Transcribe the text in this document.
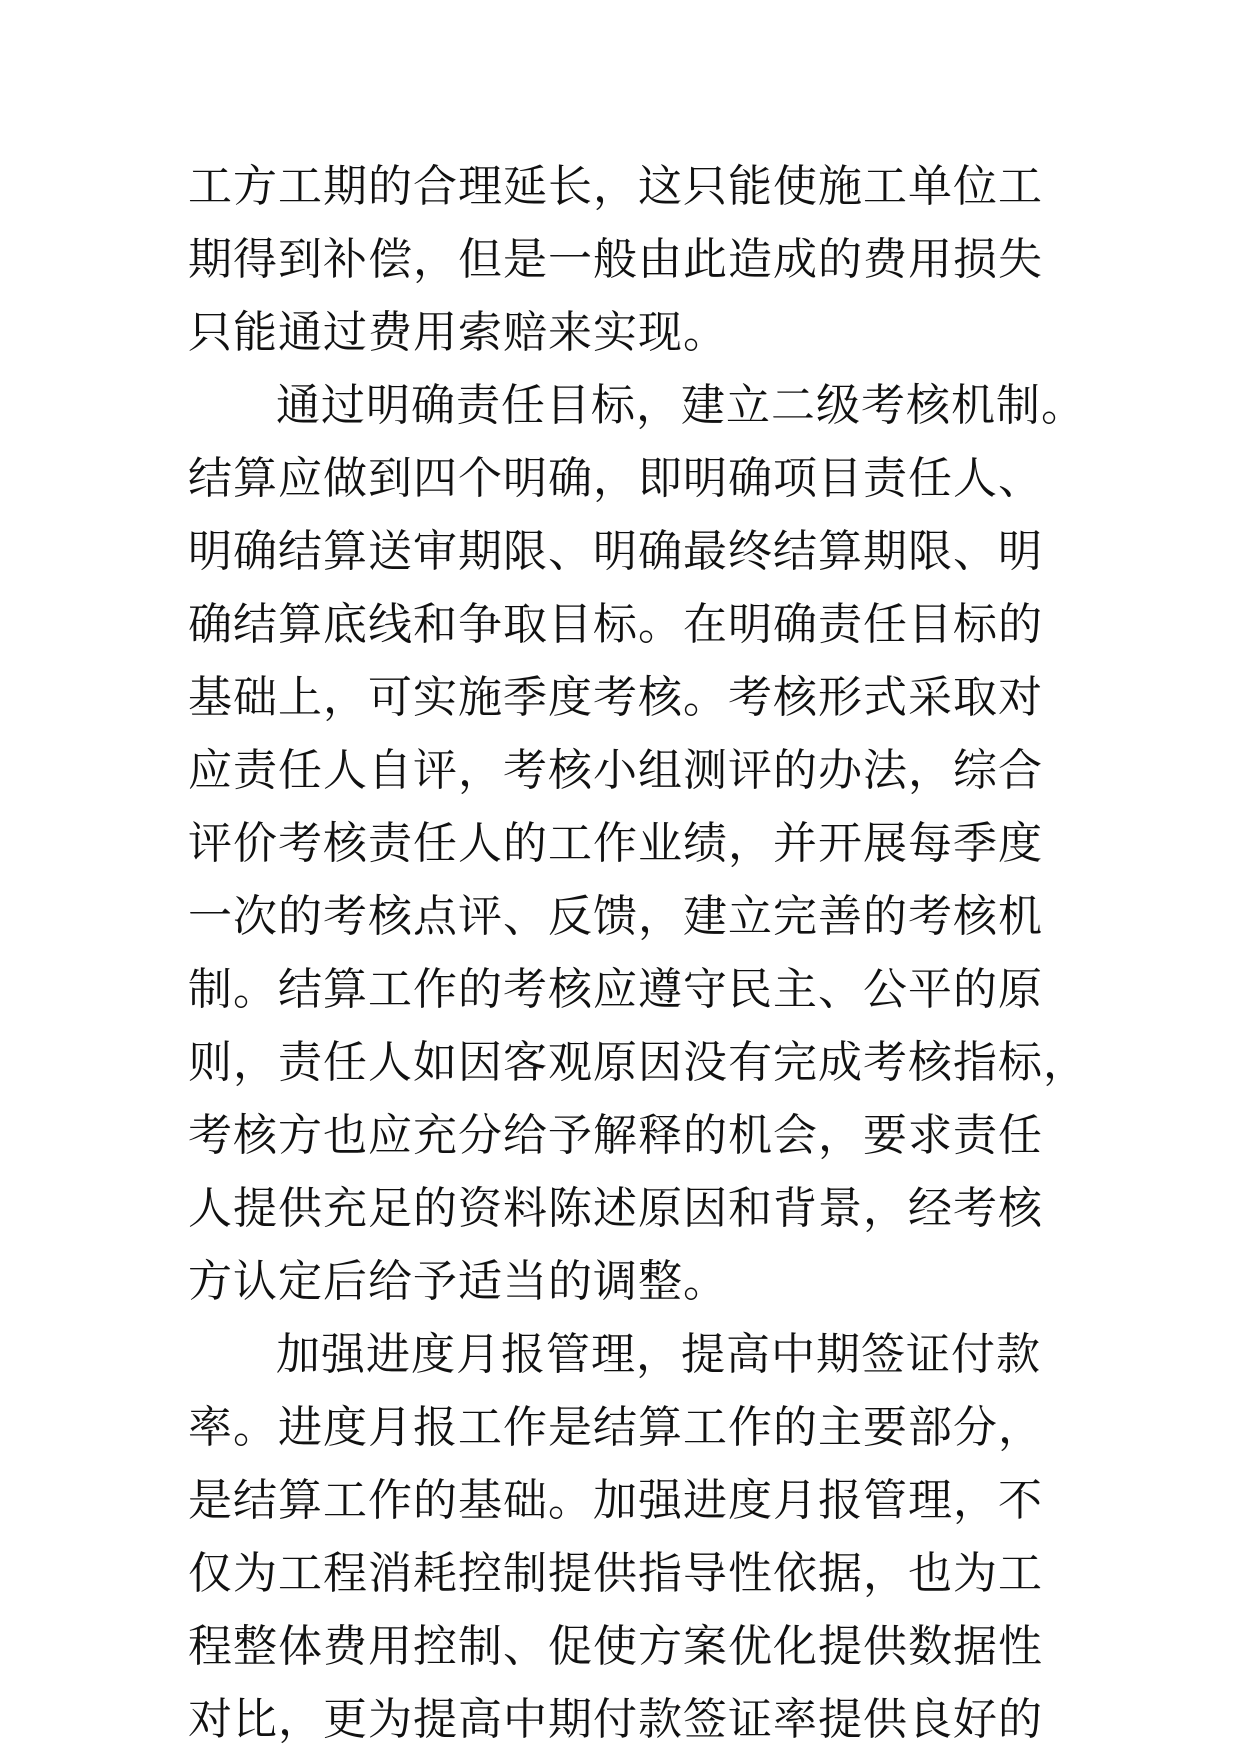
工方工期的合理延长，这只能使施工单位工
期得到补偿，但是一般由此造成的费用损失
只能通过费用索赔来实现。
通过明确责任目标，建立二级考核机制。
结算应做到四个明确，即明确项目责任人、
明确结算送审期限、明确最终结算期限、明
确结算底线和争取目标。在明确责任目标的
基础上，可实施季度考核。考核形式采取对
应责任人自评，考核小组测评的办法，综合
评价考核责任人的工作业绩，并开展每季度
一次的考核点评、反馈，建立完善的考核机
制。结算工作的考核应遵守民主、公平的原
则，责任人如因客观原因没有完成考核指标，
考核方也应充分给予解释的机会，要求责任
人提供充足的资料陈述原因和背景，经考核
方认定后给予适当的调整。
加强进度月报管理，提高中期签证付款
率。进度月报工作是结算工作的主要部分，
是结算工作的基础。加强进度月报管理，不
仅为工程消耗控制提供指导性依据，也为工
程整体费用控制、促使方案优化提供数据性
对比，更为提高中期付款签证率提供良好的
